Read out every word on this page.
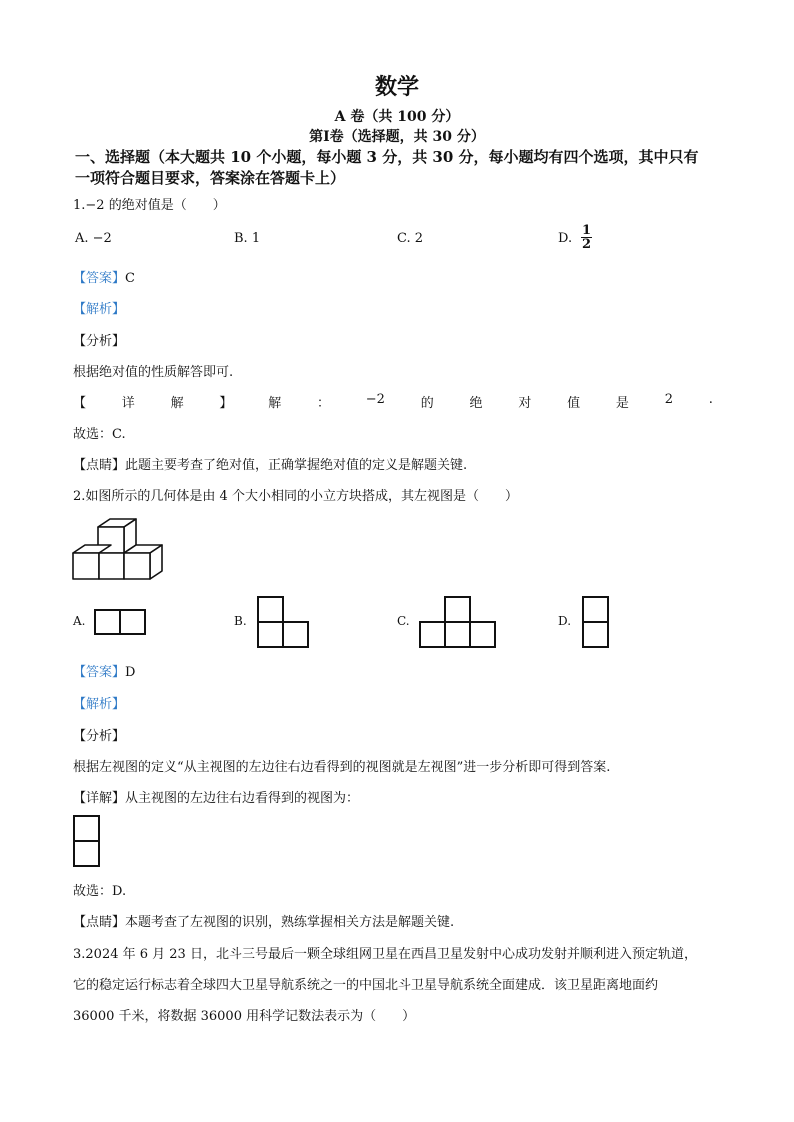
数学
A 卷（共 100 分）
第Ⅰ卷（选择题，共 30 分）
一、选择题（本大题共 10 个小题，每小题 3 分，共 30 分，每小题均有四个选项，其中只有
一项符合题目要求，答案涂在答题卡上）
1.−2 的绝对值是（　　）
A. −2	B. 1	C. 2	D. $\frac{1}{2}$
【答案】C
【解析】
【分析】
根据绝对值的性质解答即可.
【	详	解	】	解	：	−2	的	绝	对	值	是	2	.
故选：C.
【点睛】此题主要考查了绝对值，正确掌握绝对值的定义是解题关键.
2.如图所示的几何体是由 4 个大小相同的小立方块搭成，其左视图是（　　）
A.	B.	C.	D.
【答案】D
【解析】
【分析】
根据左视图的定义“从主视图的左边往右边看得到的视图就是左视图”进一步分析即可得到答案.
【详解】从主视图的左边往右边看得到的视图为：
故选：D.
【点睛】本题考查了左视图的识别，熟练掌握相关方法是解题关键.
3.2024 年 6 月 23 日，北斗三号最后一颗全球组网卫星在西昌卫星发射中心成功发射并顺利进入预定轨道，
它的稳定运行标志着全球四大卫星导航系统之一的中国北斗卫星导航系统全面建成．该卫星距离地面约
36000 千米，将数据 36000 用科学记数法表示为（　　）
